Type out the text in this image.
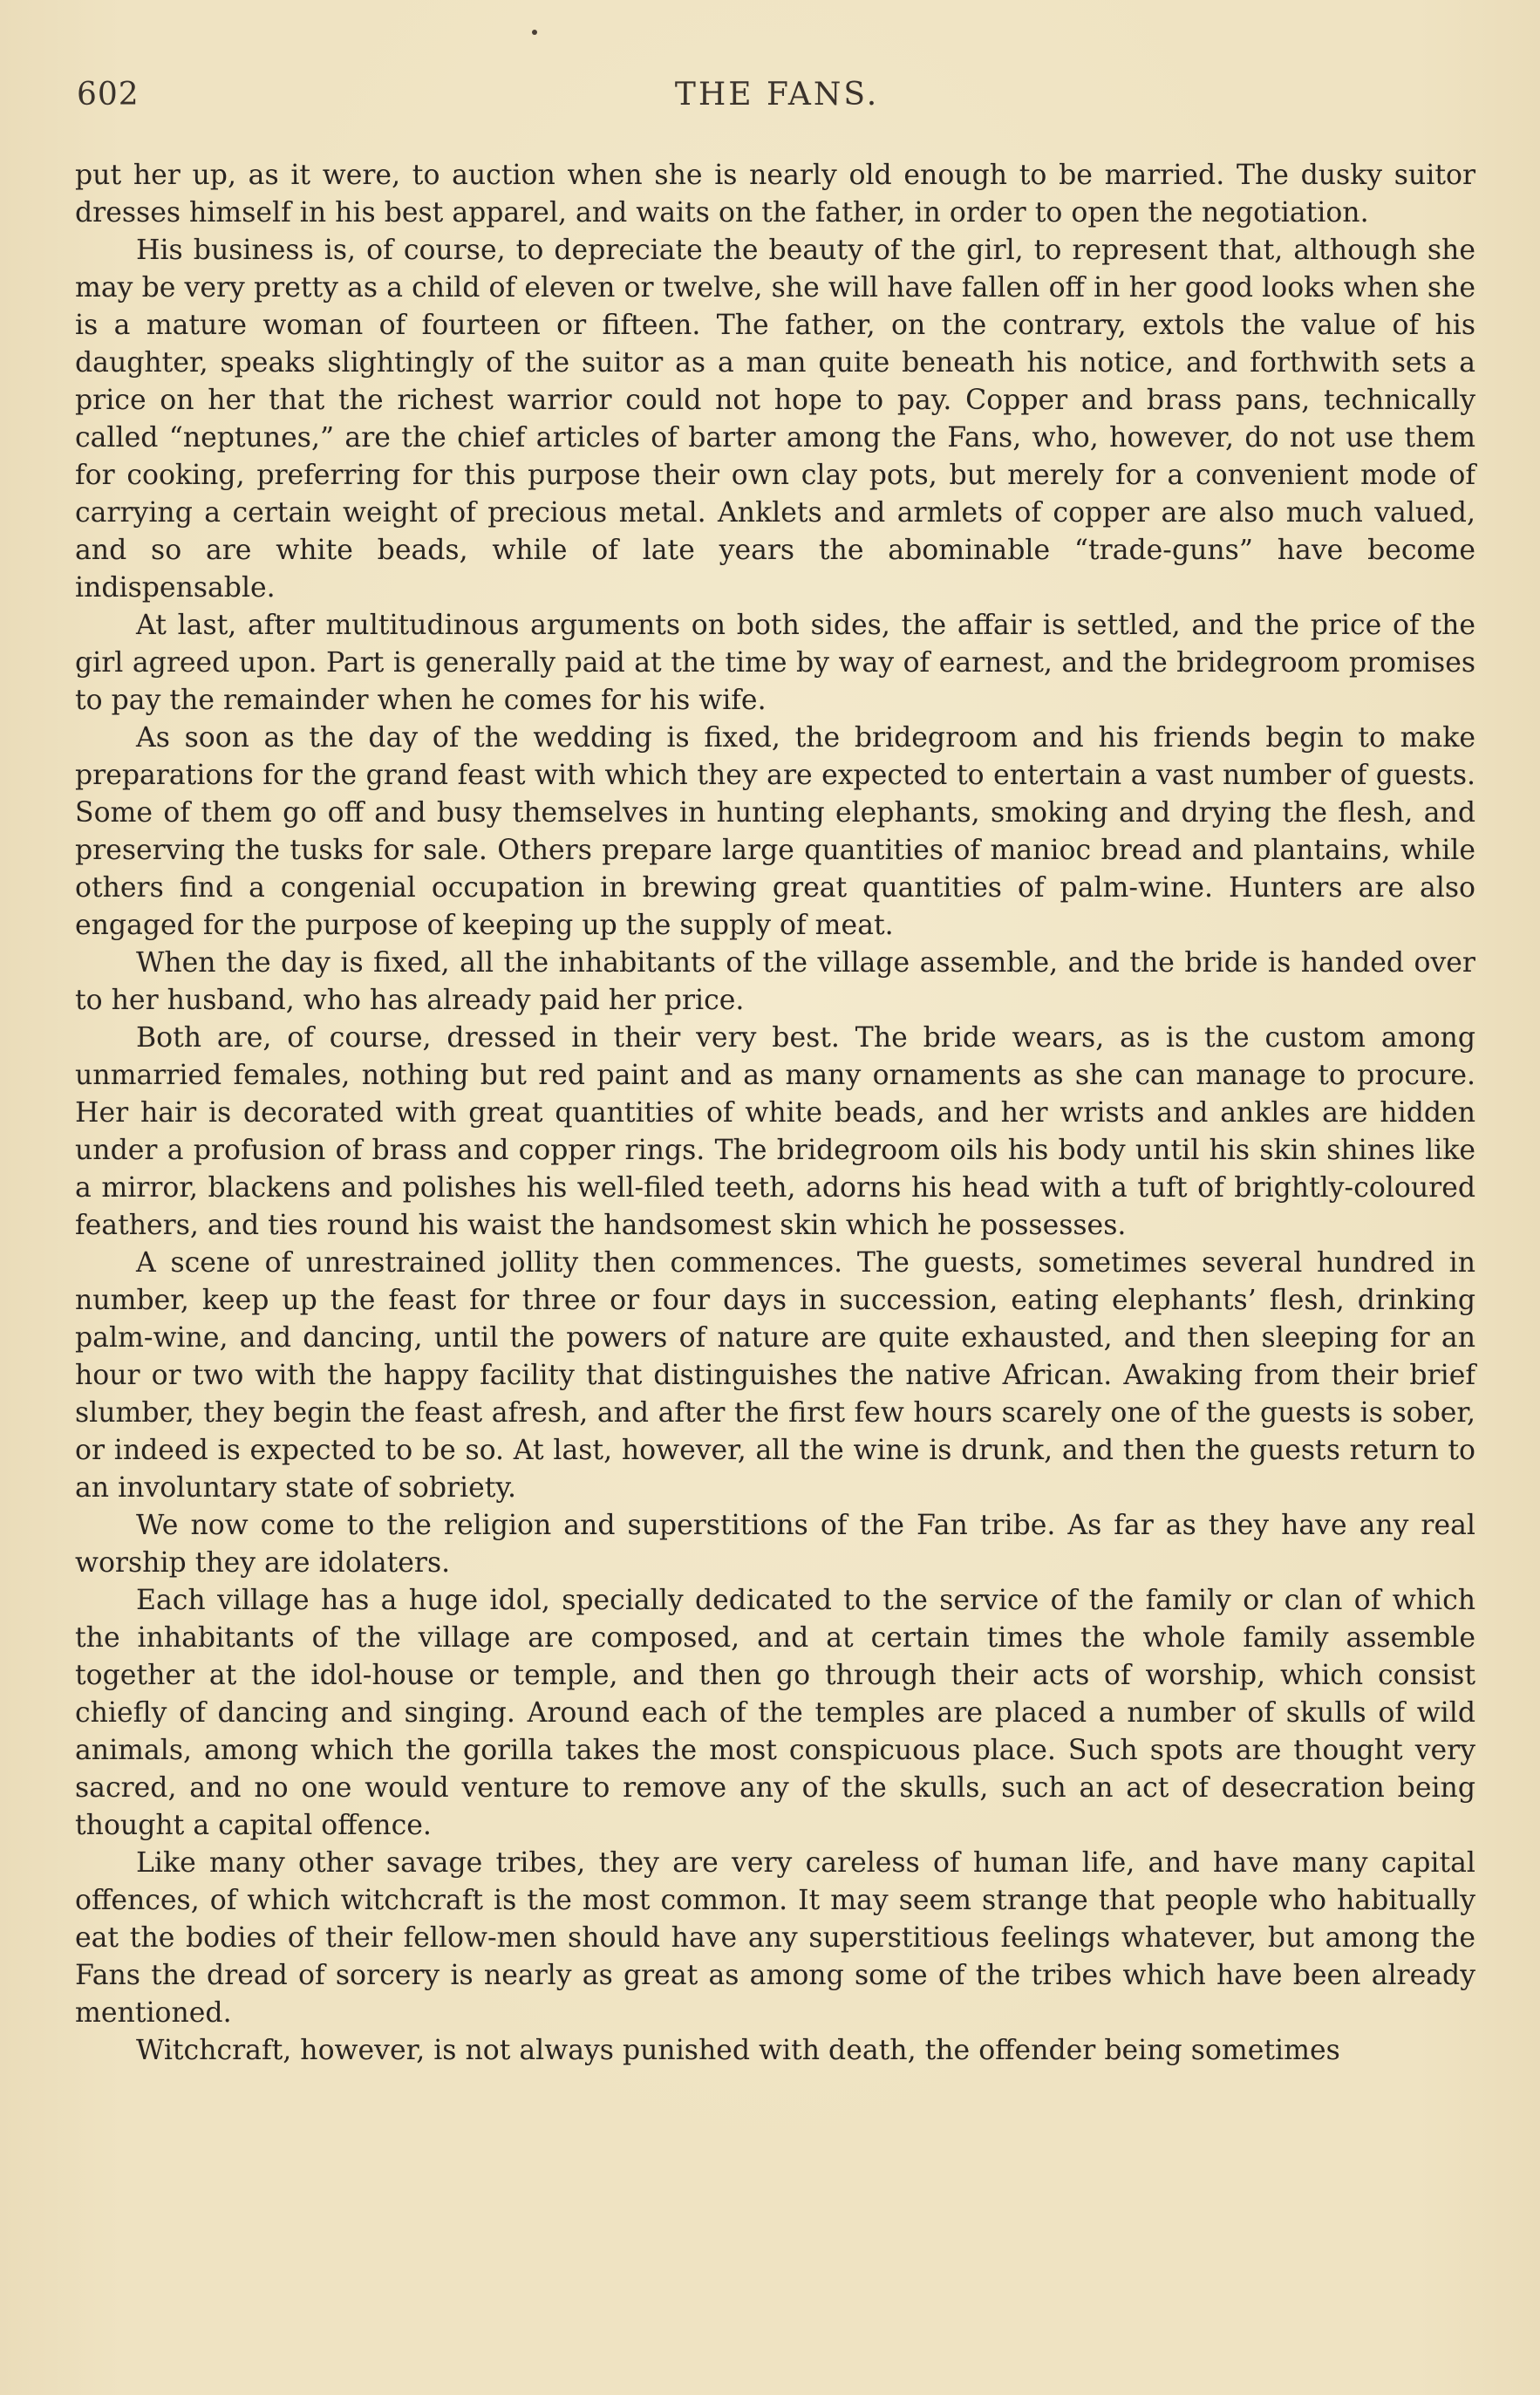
602	THE FANS.

put her up, as it were, to auction when she is nearly old enough to be married. The dusky suitor dresses himself in his best apparel, and waits on the father, in order to open the negotiation.

His business is, of course, to depreciate the beauty of the girl, to represent that, although she may be very pretty as a child of eleven or twelve, she will have fallen off in her good looks when she is a mature woman of fourteen or fifteen. The father, on the contrary, extols the value of his daughter, speaks slightingly of the suitor as a man quite beneath his notice, and forthwith sets a price on her that the richest warrior could not hope to pay. Copper and brass pans, technically called “neptunes,” are the chief articles of barter among the Fans, who, however, do not use them for cooking, preferring for this purpose their own clay pots, but merely for a convenient mode of carrying a certain weight of precious metal. Anklets and armlets of copper are also much valued, and so are white beads, while of late years the abominable “trade-guns” have become indispensable.

At last, after multitudinous arguments on both sides, the affair is settled, and the price of the girl agreed upon. Part is generally paid at the time by way of earnest, and the bridegroom promises to pay the remainder when he comes for his wife.

As soon as the day of the wedding is fixed, the bridegroom and his friends begin to make preparations for the grand feast with which they are expected to entertain a vast number of guests. Some of them go off and busy themselves in hunting elephants, smoking and drying the flesh, and preserving the tusks for sale. Others prepare large quantities of manioc bread and plantains, while others find a congenial occupation in brewing great quantities of palm-wine. Hunters are also engaged for the purpose of keeping up the supply of meat.

When the day is fixed, all the inhabitants of the village assemble, and the bride is handed over to her husband, who has already paid her price.

Both are, of course, dressed in their very best. The bride wears, as is the custom among unmarried females, nothing but red paint and as many ornaments as she can manage to procure. Her hair is decorated with great quantities of white beads, and her wrists and ankles are hidden under a profusion of brass and copper rings. The bridegroom oils his body until his skin shines like a mirror, blackens and polishes his well-filed teeth, adorns his head with a tuft of brightly-coloured feathers, and ties round his waist the handsomest skin which he possesses.

A scene of unrestrained jollity then commences. The guests, sometimes several hundred in number, keep up the feast for three or four days in succession, eating elephants’ flesh, drinking palm-wine, and dancing, until the powers of nature are quite exhausted, and then sleeping for an hour or two with the happy facility that distinguishes the native African. Awaking from their brief slumber, they begin the feast afresh, and after the first few hours scarely one of the guests is sober, or indeed is expected to be so. At last, however, all the wine is drunk, and then the guests return to an involuntary state of sobriety.

We now come to the religion and superstitions of the Fan tribe. As far as they have any real worship they are idolaters.

Each village has a huge idol, specially dedicated to the service of the family or clan of which the inhabitants of the village are composed, and at certain times the whole family assemble together at the idol-house or temple, and then go through their acts of worship, which consist chiefly of dancing and singing. Around each of the temples are placed a number of skulls of wild animals, among which the gorilla takes the most conspicuous place. Such spots are thought very sacred, and no one would venture to remove any of the skulls, such an act of desecration being thought a capital offence.

Like many other savage tribes, they are very careless of human life, and have many capital offences, of which witchcraft is the most common. It may seem strange that people who habitually eat the bodies of their fellow-men should have any superstitious feelings whatever, but among the Fans the dread of sorcery is nearly as great as among some of the tribes which have been already mentioned.

Witchcraft, however, is not always punished with death, the offender being sometimes
